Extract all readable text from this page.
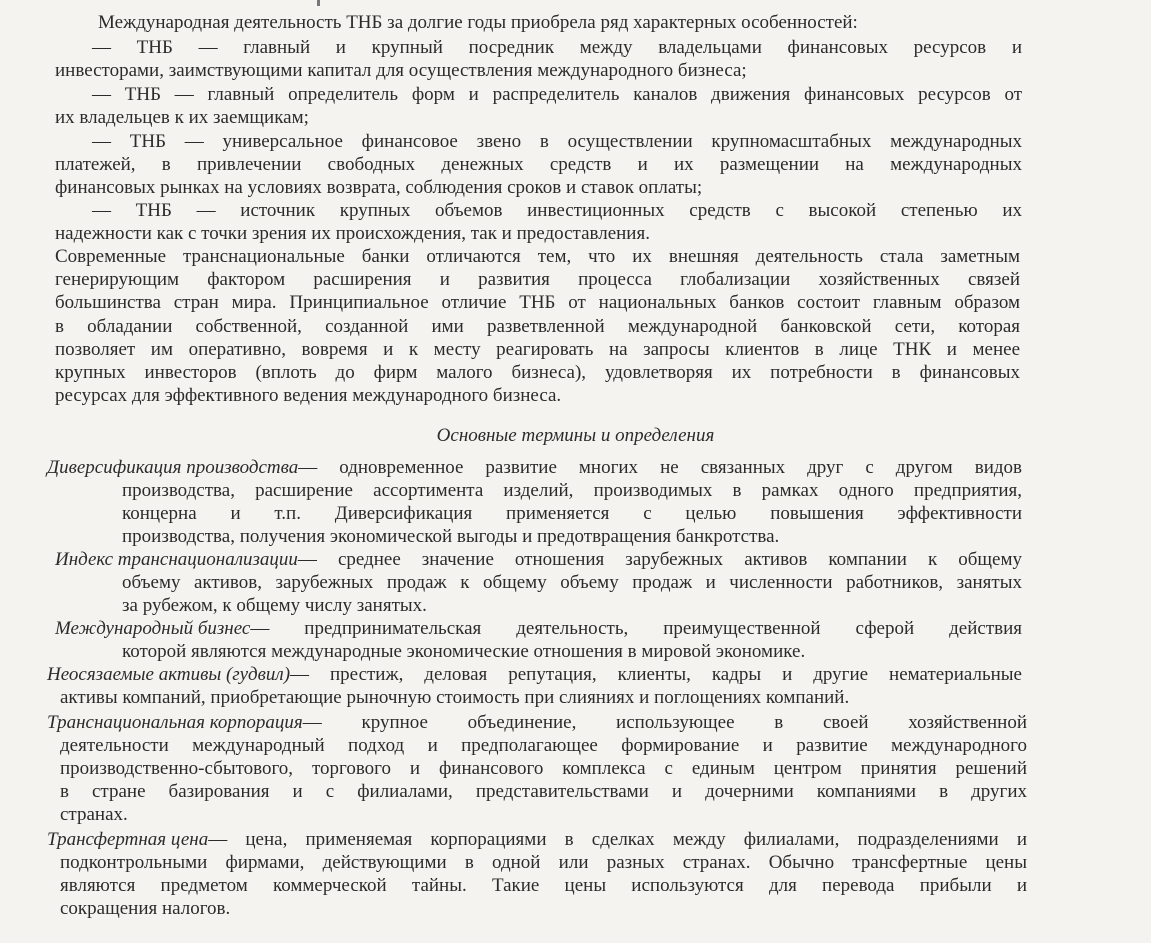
Международная деятельность ТНБ за долгие годы приобрела ряд характерных особенностей:

— ТНБ — главный и крупный посредник между владельцами финансовых ресурсов и

инвесторами, заимствующими капитал для осуществления международного бизнеса;

— ТНБ — главный определитель форм и распределитель каналов движения финансовых ресурсов от

их владельцев к их заемщикам;

— ТНБ — универсальное финансовое звено в осуществлении крупномасштабных международных

платежей, в привлечении свободных денежных средств и их размещении на международных

финансовых рынках на условиях возврата, соблюдения сроков и ставок оплаты;

— ТНБ — источник крупных объемов инвестиционных средств с высокой степенью их

надежности как с точки зрения их происхождения, так и предоставления.

Современные транснациональные банки отличаются тем, что их внешняя деятельность стала заметным

генерирующим фактором расширения и развития процесса глобализации хозяйственных связей

большинства стран мира. Принципиальное отличие ТНБ от национальных банков состоит главным образом

в обладании собственной, созданной ими разветвленной международной банковской сети, которая

позволяет им оперативно, вовремя и к месту реагировать на запросы клиентов в лице ТНК и менее

крупных инвесторов (вплоть до фирм малого бизнеса), удовлетворяя их потребности в финансовых

ресурсах для эффективного ведения международного бизнеса.

Основные термины и определения

Диверсификация производства — одновременное развитие многих не связанных друг с другом видов

производства, расширение ассортимента изделий, производимых в рамках одного предприятия,

концерна и т.п. Диверсификация применяется с целью повышения эффективности

производства, получения экономической выгоды и предотвращения банкротства.

Индекс транснационализации — среднее значение отношения зарубежных активов компании к общему

объему активов, зарубежных продаж к общему объему продаж и численности работников, занятых

за рубежом, к общему числу занятых.

Международный бизнес — предпринимательская деятельность, преимущественной сферой действия

которой являются международные экономические отношения в мировой экономике.

Неосязаемые активы (гудвил) — престиж, деловая репутация, клиенты, кадры и другие нематериальные

активы компаний, приобретающие рыночную стоимость при слияниях и поглощениях компаний.

Транснациональная корпорация — крупное объединение, использующее в своей хозяйственной

деятельности международный подход и предполагающее формирование и развитие международного

производственно-сбытового, торгового и финансового комплекса с единым центром принятия решений

в стране базирования и с филиалами, представительствами и дочерними компаниями в других

странах.

Трансфертная цена — цена, применяемая корпорациями в сделках между филиалами, подразделениями и

подконтрольными фирмами, действующими в одной или разных странах. Обычно трансфертные цены

являются предметом коммерческой тайны. Такие цены используются для перевода прибыли и

сокращения налогов.
